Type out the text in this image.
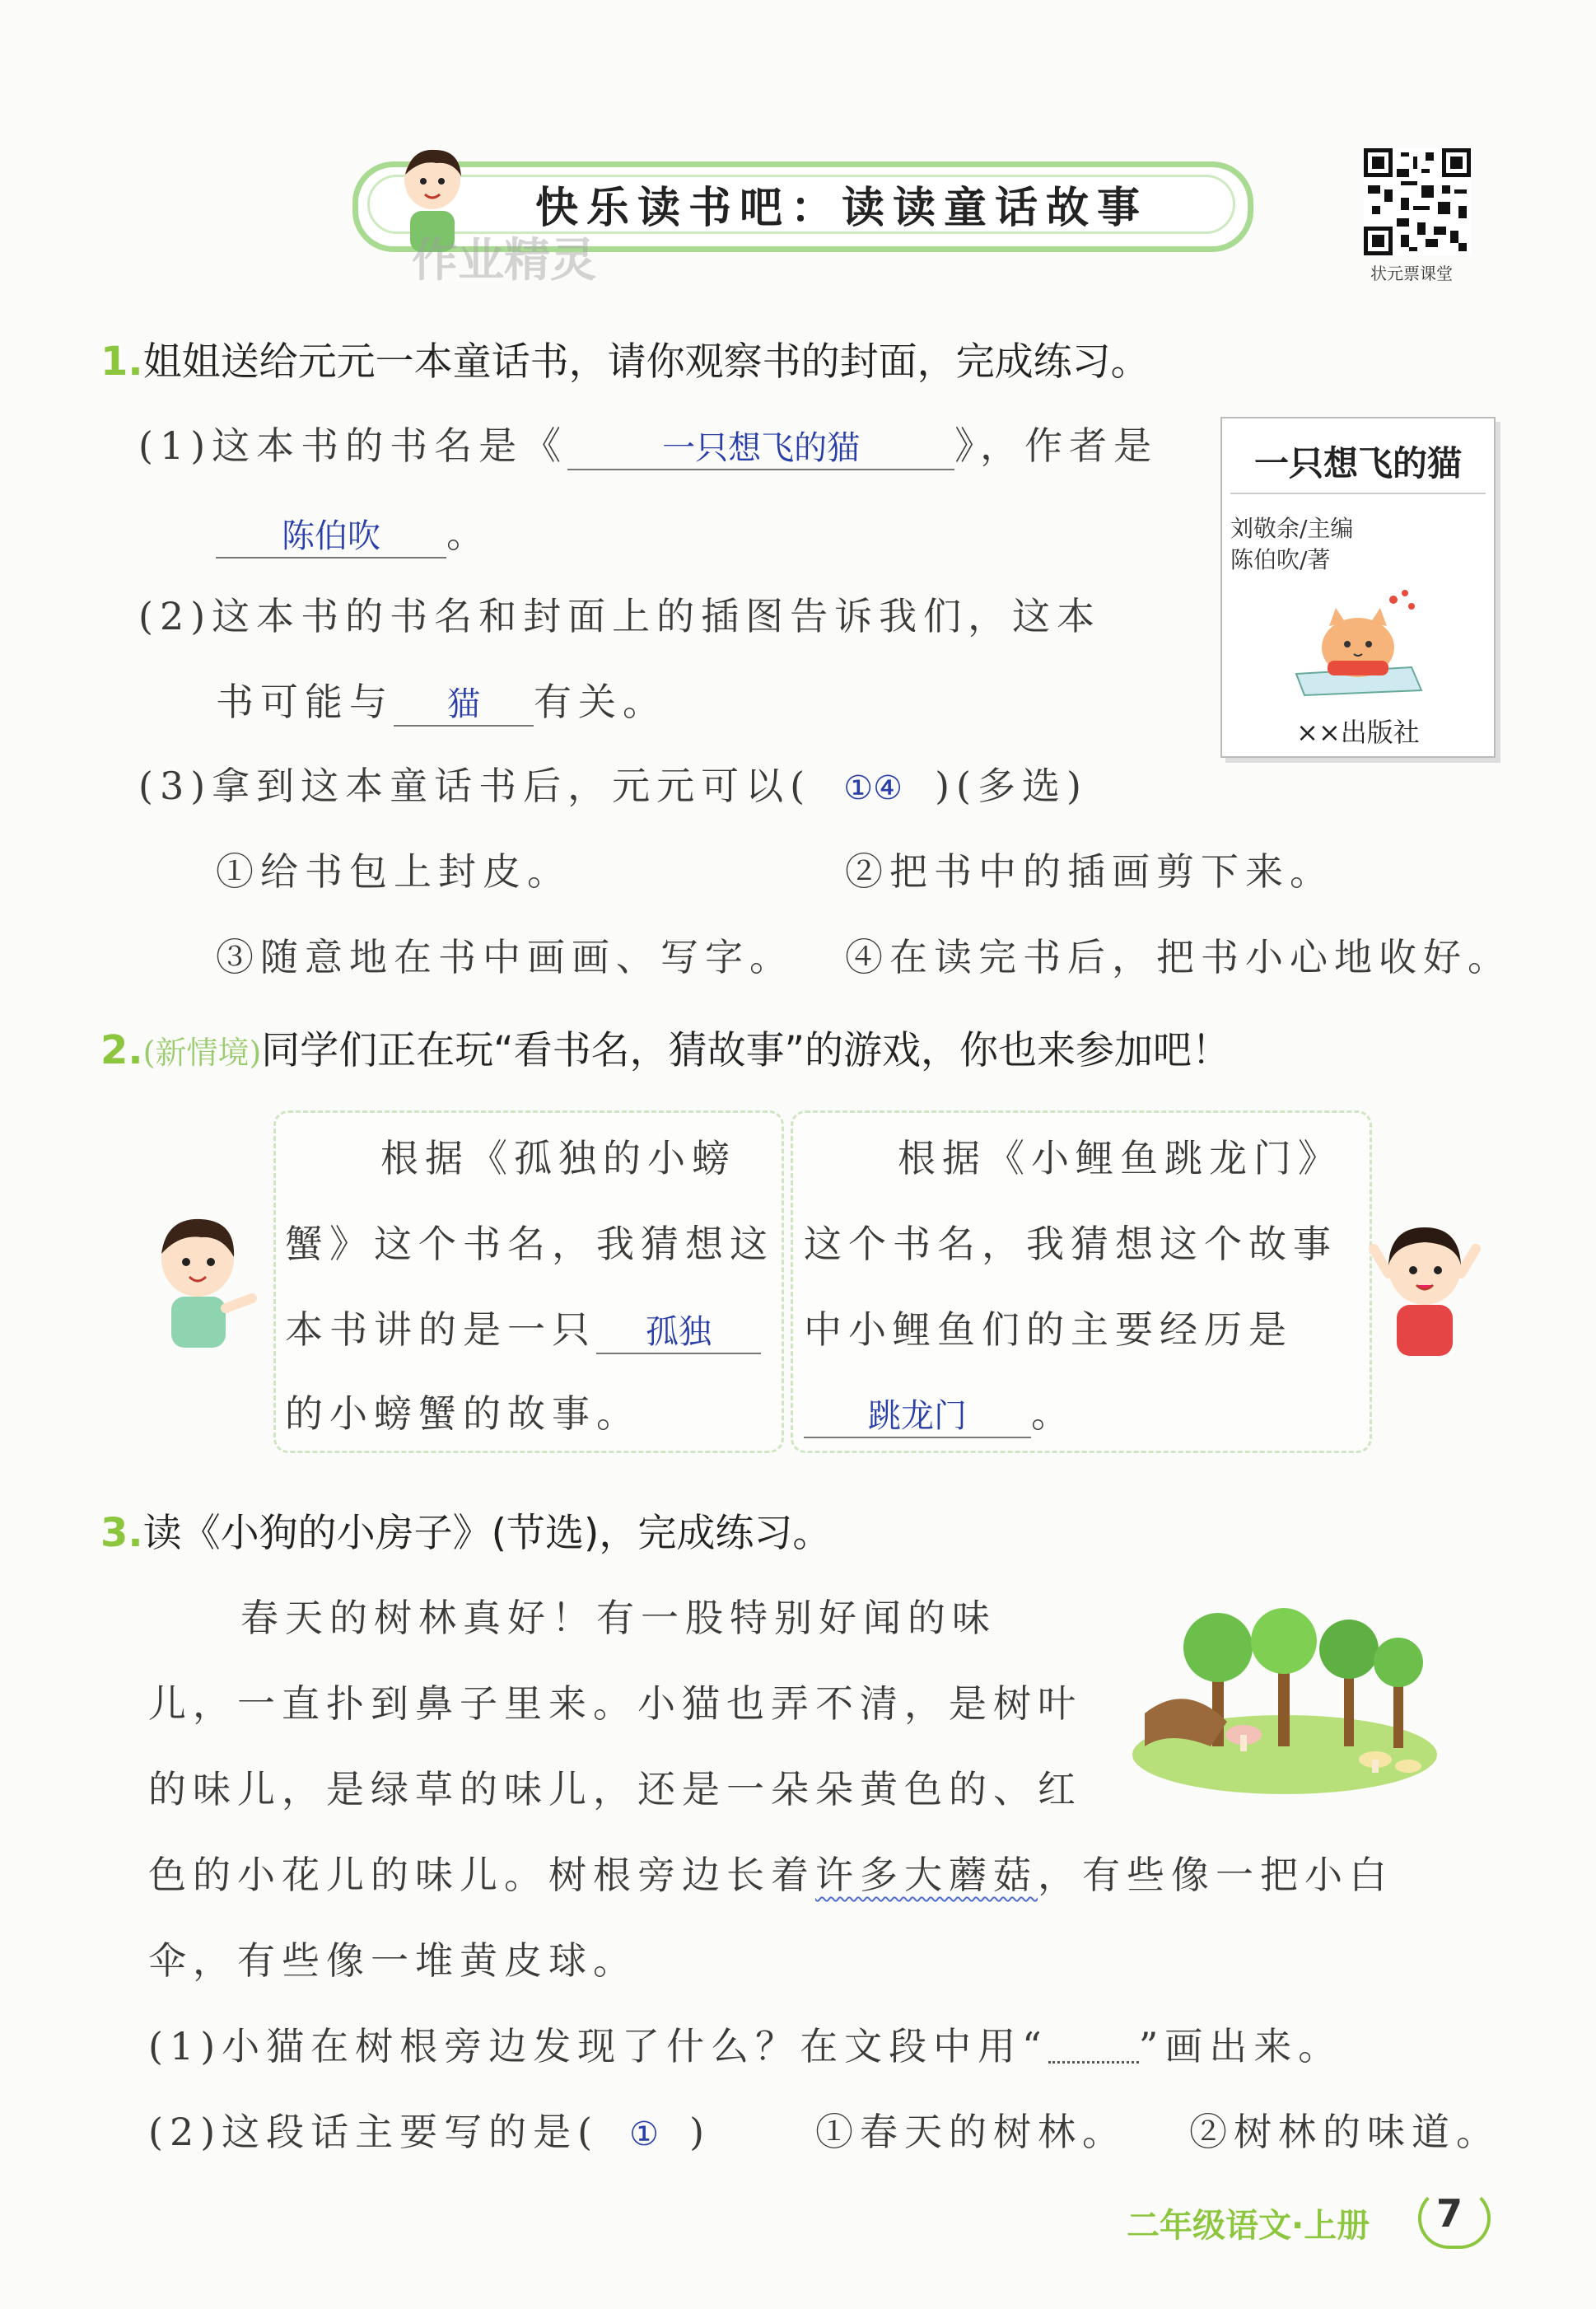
快乐读书吧：读读童话故事
作业精灵	状元票课堂
1.姐姐送给元元一本童话书，请你观察书的封面，完成练习。
(1)这本书的书名是《	一只想飞的猫	》，作者是
陈伯吹 。
(2)这本书的书名和封面上的插图告诉我们，这本
书可能与 猫 有关。
(3)拿到这本童话书后，元元可以( ①④ )(多选)
①给书包上封皮。	②把书中的插画剪下来。
③随意地在书中画画、写字。 ④在读完书后，把书小心地收好。
一只想飞的猫
刘敬余/主编
陈伯吹/著
××出版社
2.(新情境)同学们正在玩“看书名，猜故事”的游戏，你也来参加吧！
根据《孤独的小螃
蟹》这个书名，我猜想这
本书讲的是一只 孤独
的小螃蟹的故事。
根据《小鲤鱼跳龙门》
这个书名，我猜想这个故事
中小鲤鱼们的主要经历是
跳龙门 。
3.读《小狗的小房子》(节选)，完成练习。
春天的树林真好！有一股特别好闻的味
儿，一直扑到鼻子里来。小猫也弄不清，是树叶
的味儿，是绿草的味儿，还是一朵朵黄色的、红
色的小花儿的味儿。树根旁边长着许多大蘑菇，有些像一把小白
伞，有些像一堆黄皮球。
(1)小猫在树根旁边发现了什么？在文段中用“ ”画出来。
(2)这段话主要写的是( ① )	①春天的树林。 ②树林的味道。
二年级语文·上册 7
